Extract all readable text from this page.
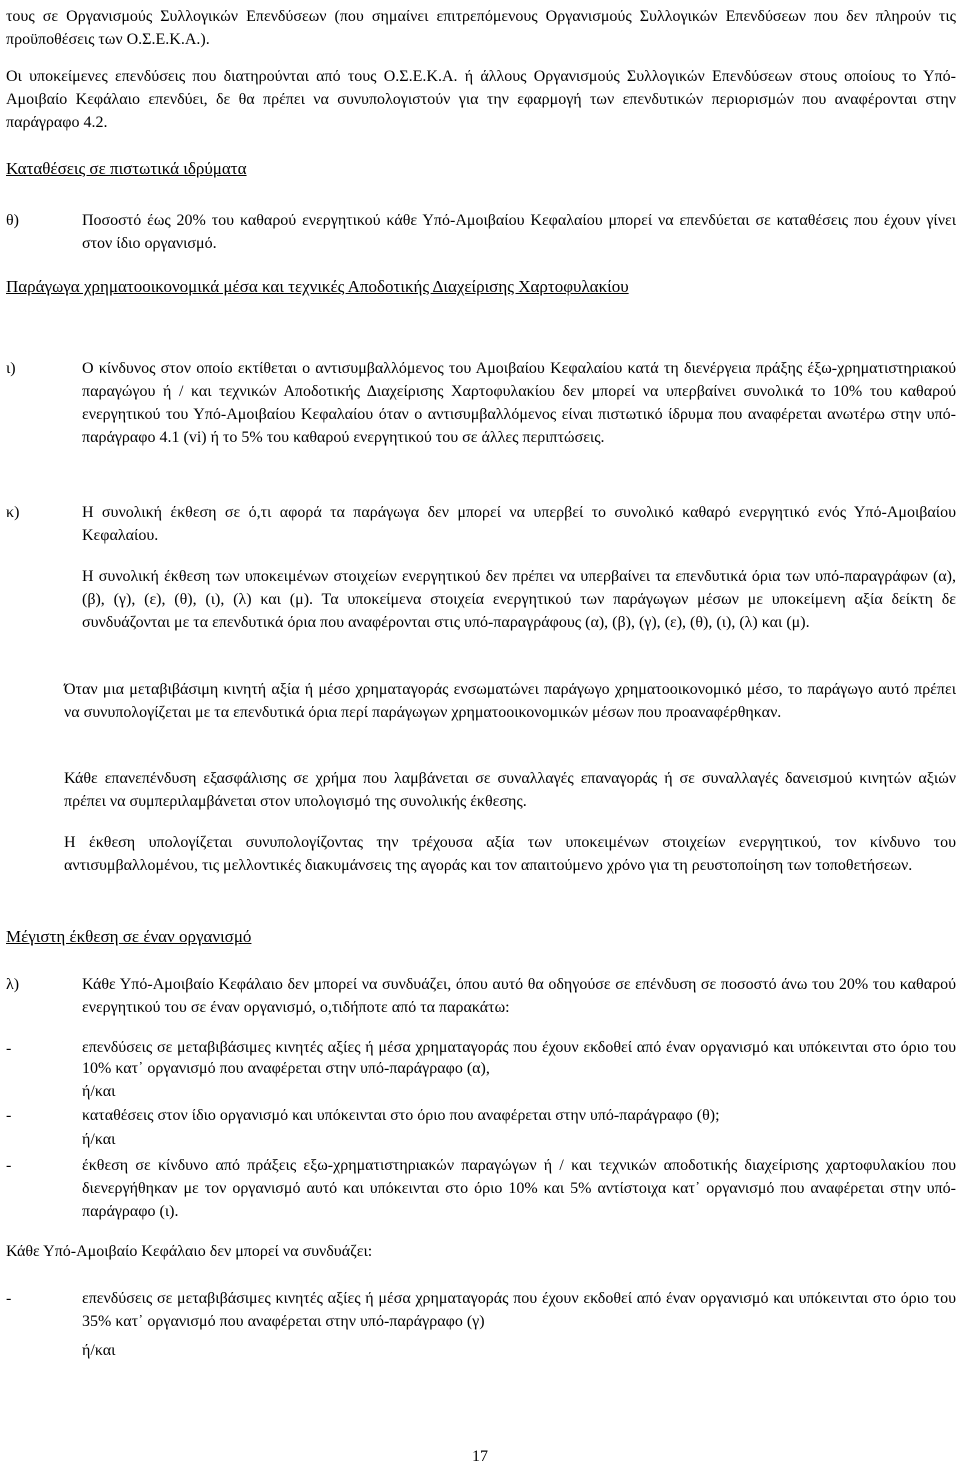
τους σε Οργανισμούς Συλλογικών Επενδύσεων (που σημαίνει επιτρεπόμενους Οργανισμούς Συλλογικών Επενδύσεων που δεν πληρούν τις προϋποθέσεις των Ο.Σ.Ε.Κ.Α.).
Οι υποκείμενες επενδύσεις που διατηρούνται από τους Ο.Σ.Ε.Κ.Α. ή άλλους Οργανισμούς Συλλογικών Επενδύσεων στους οποίους το Υπό-Αμοιβαίο Κεφάλαιο επενδύει, δε θα πρέπει να συνυπολογιστούν για την εφαρμογή των επενδυτικών περιορισμών που αναφέρονται στην παράγραφο 4.2.
Καταθέσεις σε πιστωτικά ιδρύματα
θ)	Ποσοστό έως 20% του καθαρού ενεργητικού κάθε Υπό-Αμοιβαίου Κεφαλαίου μπορεί να επενδύεται σε καταθέσεις που έχουν γίνει στον ίδιο οργανισμό.
Παράγωγα χρηματοοικονομικά μέσα και τεχνικές Αποδοτικής Διαχείρισης Χαρτοφυλακίου
ι)	Ο κίνδυνος στον οποίο εκτίθεται ο αντισυμβαλλόμενος του Αμοιβαίου Κεφαλαίου κατά τη διενέργεια πράξης έξω-χρηματιστηριακού παραγώγου ή / και τεχνικών Αποδοτικής Διαχείρισης Χαρτοφυλακίου δεν μπορεί να υπερβαίνει συνολικά το 10% του καθαρού ενεργητικού του Υπό-Αμοιβαίου Κεφαλαίου όταν ο αντισυμβαλλόμενος είναι πιστωτικό ίδρυμα που αναφέρεται ανωτέρω στην υπό-παράγραφο 4.1 (vi) ή το 5% του καθαρού ενεργητικού του σε άλλες περιπτώσεις.
κ)	Η συνολική έκθεση σε ό,τι αφορά τα παράγωγα δεν μπορεί να υπερβεί το συνολικό καθαρό ενεργητικό ενός Υπό-Αμοιβαίου Κεφαλαίου.
Η συνολική έκθεση των υποκειμένων στοιχείων ενεργητικού δεν πρέπει να υπερβαίνει τα επενδυτικά όρια των υπό-παραγράφων (α), (β), (γ), (ε), (θ), (ι), (λ) και (μ). Τα υποκείμενα στοιχεία ενεργητικού των παράγωγων μέσων με υποκείμενη αξία δείκτη δε συνδυάζονται με τα επενδυτικά όρια που αναφέρονται στις υπό-παραγράφους (α), (β), (γ), (ε), (θ), (ι), (λ) και (μ).
Όταν μια μεταβιβάσιμη κινητή αξία ή μέσο χρηματαγοράς ενσωματώνει παράγωγο χρηματοοικονομικό μέσο, το παράγωγο αυτό πρέπει να συνυπολογίζεται με τα επενδυτικά όρια περί παράγωγων χρηματοοικονομικών μέσων που προαναφέρθηκαν.
Κάθε επανεπένδυση εξασφάλισης σε χρήμα που λαμβάνεται σε συναλλαγές επαναγοράς ή σε συναλλαγές δανεισμού κινητών αξιών πρέπει να συμπεριλαμβάνεται στον υπολογισμό της συνολικής έκθεσης.
Η έκθεση υπολογίζεται συνυπολογίζοντας την τρέχουσα αξία των υποκειμένων στοιχείων ενεργητικού, τον κίνδυνο του αντισυμβαλλομένου, τις μελλοντικές διακυμάνσεις της αγοράς και τον απαιτούμενο χρόνο για τη ρευστοποίηση των τοποθετήσεων.
Μέγιστη έκθεση σε έναν οργανισμό
λ)	Κάθε Υπό-Αμοιβαίο Κεφάλαιο δεν μπορεί να συνδυάζει, όπου αυτό θα οδηγούσε σε επένδυση σε ποσοστό άνω του 20% του καθαρού ενεργητικού του σε έναν οργανισμό, ο,τιδήποτε από τα παρακάτω:
-	επενδύσεις σε μεταβιβάσιμες κινητές αξίες ή μέσα χρηματαγοράς που έχουν εκδοθεί από έναν οργανισμό και υπόκεινται στο όριο του 10% κατ᾽ οργανισμό που αναφέρεται στην υπό-παράγραφο (α),
ή/και
-	καταθέσεις στον ίδιο οργανισμό και υπόκεινται στο όριο που αναφέρεται στην υπό-παράγραφο (θ);
ή/και
-	έκθεση σε κίνδυνο από πράξεις εξω-χρηματιστηριακών παραγώγων ή / και τεχνικών αποδοτικής διαχείρισης χαρτοφυλακίου που διενεργήθηκαν με τον οργανισμό αυτό και υπόκεινται στο όριο 10% και 5% αντίστοιχα κατ᾽ οργανισμό που αναφέρεται στην υπό-παράγραφο (ι).
Κάθε Υπό-Αμοιβαίο Κεφάλαιο δεν μπορεί να συνδυάζει:
-	επενδύσεις σε μεταβιβάσιμες κινητές αξίες ή μέσα χρηματαγοράς που έχουν εκδοθεί από έναν οργανισμό και υπόκεινται στο όριο του 35% κατ᾽ οργανισμό που αναφέρεται στην υπό-παράγραφο (γ)
ή/και
17
